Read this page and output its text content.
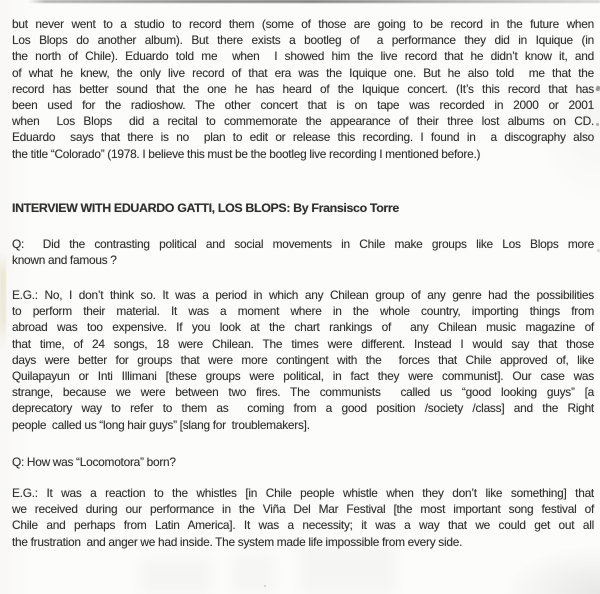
but never went to a studio to record them (some of those are going to be record in the future when
Los Blops do another album). But there exists a bootleg of  a performance they did in Iquique (in
the north of Chile). Eduardo told me  when  I showed him the live record that he didn’t know it, and
of what he knew, the only live record of that era was the Iquique one. But he also told  me that the
record has better sound that the one he has heard of the Iquique concert. (It’s this record that has
been used for the radioshow. The other concert that is on tape was recorded in 2000 or 2001
when  Los Blops  did a recital to commemorate the appearance of their three lost albums on CD.
Eduardo  says that there is no  plan to edit or release this recording. I found in  a discography also
the title “Colorado” (1978. I believe this must be the bootleg live recording I mentioned before.)
INTERVIEW WITH EDUARDO GATTI, LOS BLOPS: By Fransisco Torre
Q:  Did the contrasting political and social movements in Chile make groups like Los Blops more
known and famous ?
E.G.: No, I don’t think so. It was a period in which any Chilean group of any genre had the possibilities
to perform their material. It was a moment where in the whole country, importing things from
abroad was too expensive. If you look at the chart rankings of  any Chilean music magazine of
that time, of 24 songs, 18 were Chilean. The times were different. Instead I would say that those
days were better for groups that were more contingent with the  forces that Chile approved of, like
Quilapayun or Inti Illimani [these groups were political, in fact they were communist]. Our case was
strange, because we were between two fires. The communists  called us “good looking guys” [a
deprecatory way to refer to them as  coming from a good position /society /class] and the Right
people  called us “long hair guys” [slang for  troublemakers].
Q: How was “Locomotora” born?
E.G.: It was a reaction to the whistles [in Chile people whistle when they don’t like something] that
we received during our performance in the Viña Del Mar Festival [the most important song festival of
Chile and perhaps from Latin America]. It was a necessity; it was a way that we could get out all
the frustration  and anger we had inside. The system made life impossible from every side.
